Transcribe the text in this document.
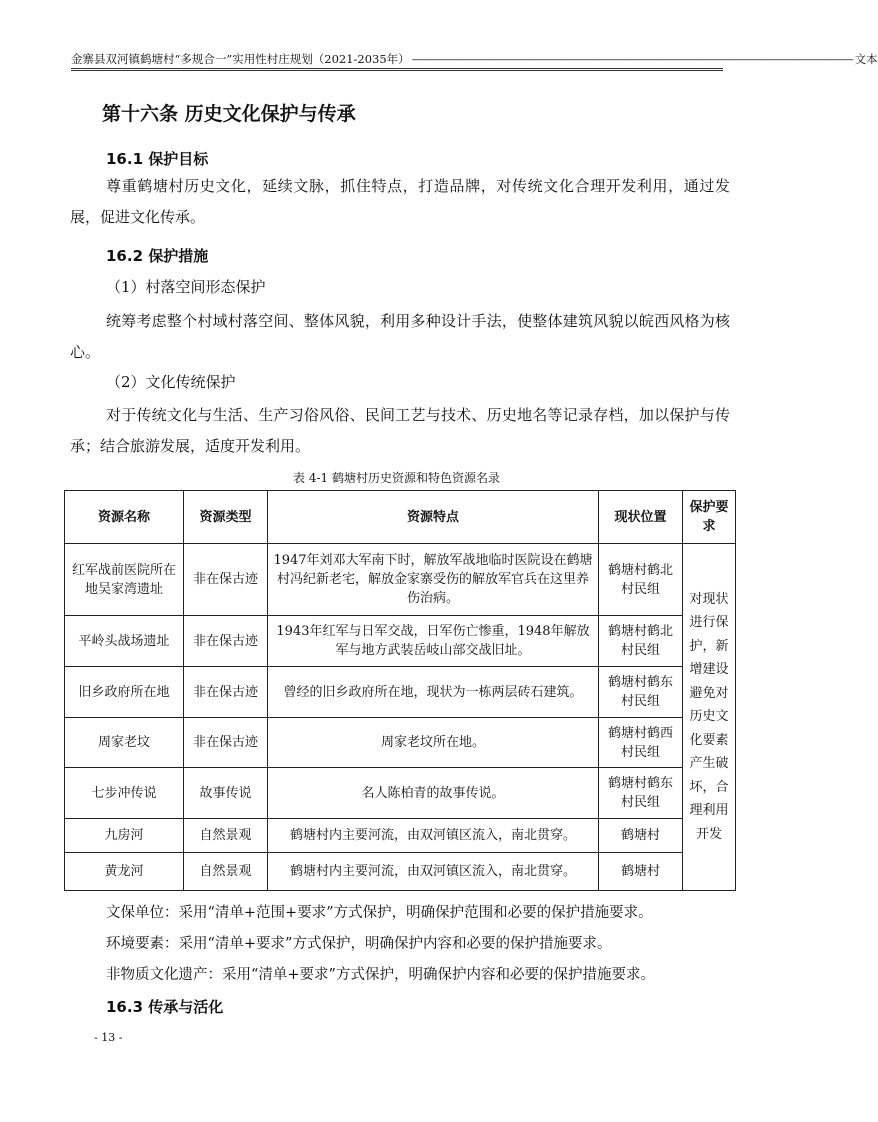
金寨县双河镇鹤塘村“多规合一”实用性村庄规划（2021-2035年） —————————————————————————————————————————— 文本
第十六条 历史文化保护与传承
16.1 保护目标
尊重鹤塘村历史文化，延续文脉，抓住特点，打造品牌，对传统文化合理开发利用，通过发展，促进文化传承。
16.2 保护措施
（1）村落空间形态保护
统筹考虑整个村域村落空间、整体风貌，利用多种设计手法，使整体建筑风貌以皖西风格为核心。
（2）文化传统保护
对于传统文化与生活、生产习俗风俗、民间工艺与技术、历史地名等记录存档，加以保护与传承；结合旅游发展，适度开发利用。
表 4-1 鹤塘村历史资源和特色资源名录
资源名称	资源类型	资源特点	现状位置	保护要求
红军战前医院所在地吴家湾遗址	非在保古迹	1947年刘邓大军南下时，解放军战地临时医院设在鹤塘村冯纪新老宅，解放金家寨受伤的解放军官兵在这里养伤治病。	鹤塘村鹤北村民组	对现状进行保护，新增建设避免对历史文化要素产生破坏，合理利用开发
平岭头战场遗址	非在保古迹	1943年红军与日军交战，日军伤亡惨重，1948年解放军与地方武装岳岐山部交战旧址。	鹤塘村鹤北村民组	
旧乡政府所在地	非在保古迹	曾经的旧乡政府所在地，现状为一栋两层砖石建筑。	鹤塘村鹤东村民组	
周家老坟	非在保古迹	周家老坟所在地。	鹤塘村鹤西村民组	
七步冲传说	故事传说	名人陈柏青的故事传说。	鹤塘村鹤东村民组	
九房河	自然景观	鹤塘村内主要河流，由双河镇区流入，南北贯穿。	鹤塘村	
黄龙河	自然景观	鹤塘村内主要河流，由双河镇区流入，南北贯穿。	鹤塘村	
文保单位：采用“清单+范围+要求”方式保护，明确保护范围和必要的保护措施要求。
环境要素：采用“清单+要求”方式保护，明确保护内容和必要的保护措施要求。
非物质文化遗产：采用“清单+要求”方式保护，明确保护内容和必要的保护措施要求。
16.3 传承与活化
- 13 -
